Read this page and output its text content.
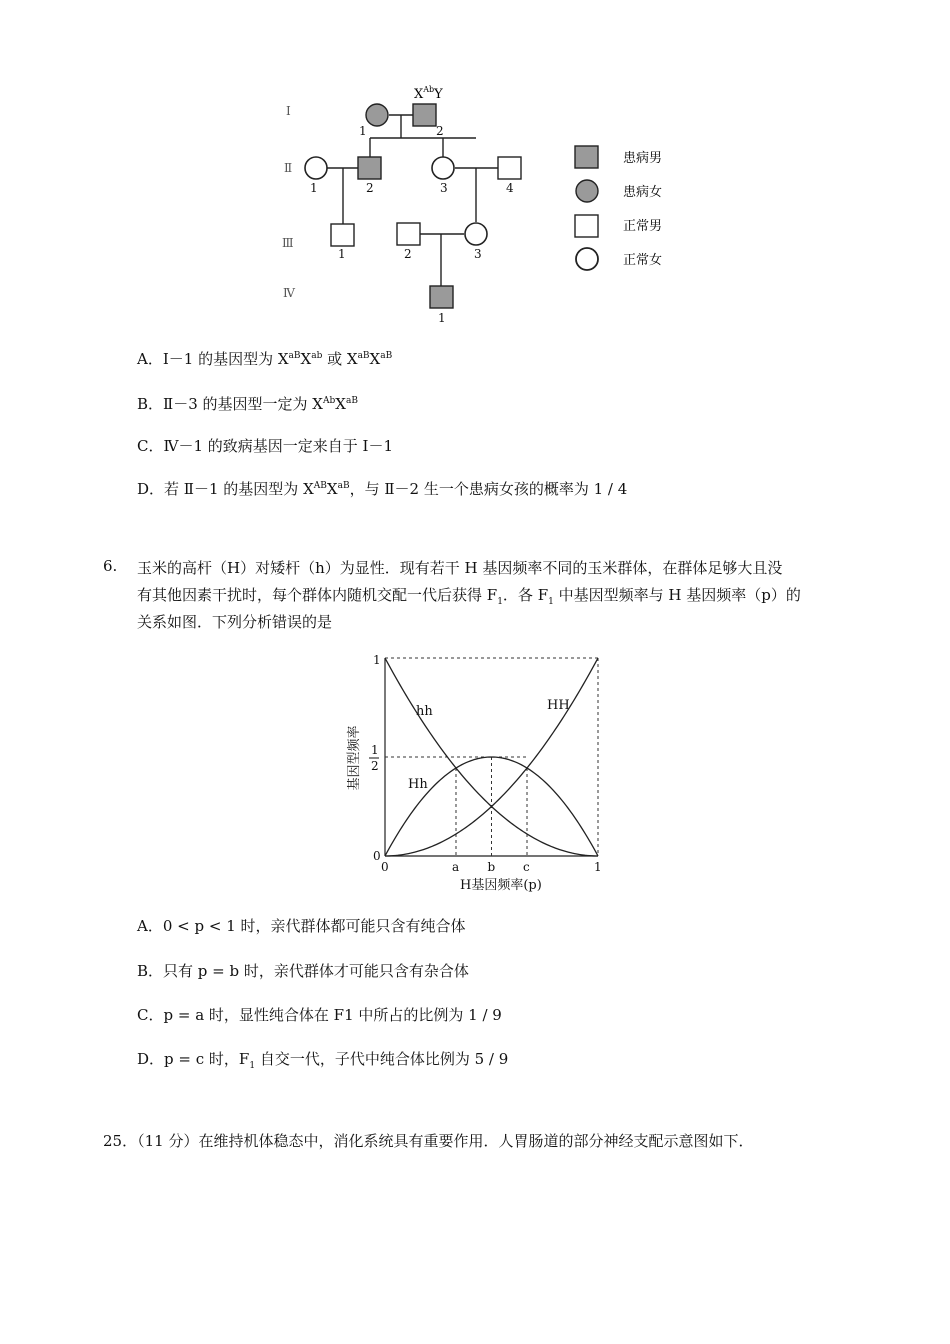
Ⅰ
Ⅱ
Ⅲ
Ⅳ
$X^{Ab}Y$
1	2
1	2	3	4
1	2	3
1
患病男
患病女
正常男
正常女
A．Ⅰ－1 的基因型为 $X^{aB}X^{ab}$ 或 $X^{aB}X^{aB}$
B．Ⅱ－3 的基因型一定为 $X^{Ab}X^{aB}$
C．Ⅳ－1 的致病基因一定来自于 Ⅰ－1
D．若 Ⅱ－1 的基因型为 $X^{AB}X^{aB}$，与 Ⅱ－2 生一个患病女孩的概率为 1 / 4
6. 玉米的高杆（H）对矮杆（h）为显性．现有若干 H 基因频率不同的玉米群体，在群体足够大且没
有其他因素干扰时，每个群体内随机交配一代后获得 $F_1$．各 $F_1$ 中基因型频率与 H 基因频率（p）的
关系如图．下列分析错误的是
hh
Hh
HH
0	a b c	1
0
1
1
2
H基因频率(p)
基因型频率
A．0 < p < 1 时，亲代群体都可能只含有纯合体
B．只有 p = b 时，亲代群体才可能只含有杂合体
C．p = a 时，显性纯合体在 F1 中所占的比例为 1 / 9
D．p = c 时，$F_1$ 自交一代，子代中纯合体比例为 5 / 9
25．（11 分）在维持机体稳态中，消化系统具有重要作用．人胃肠道的部分神经支配示意图如下．
